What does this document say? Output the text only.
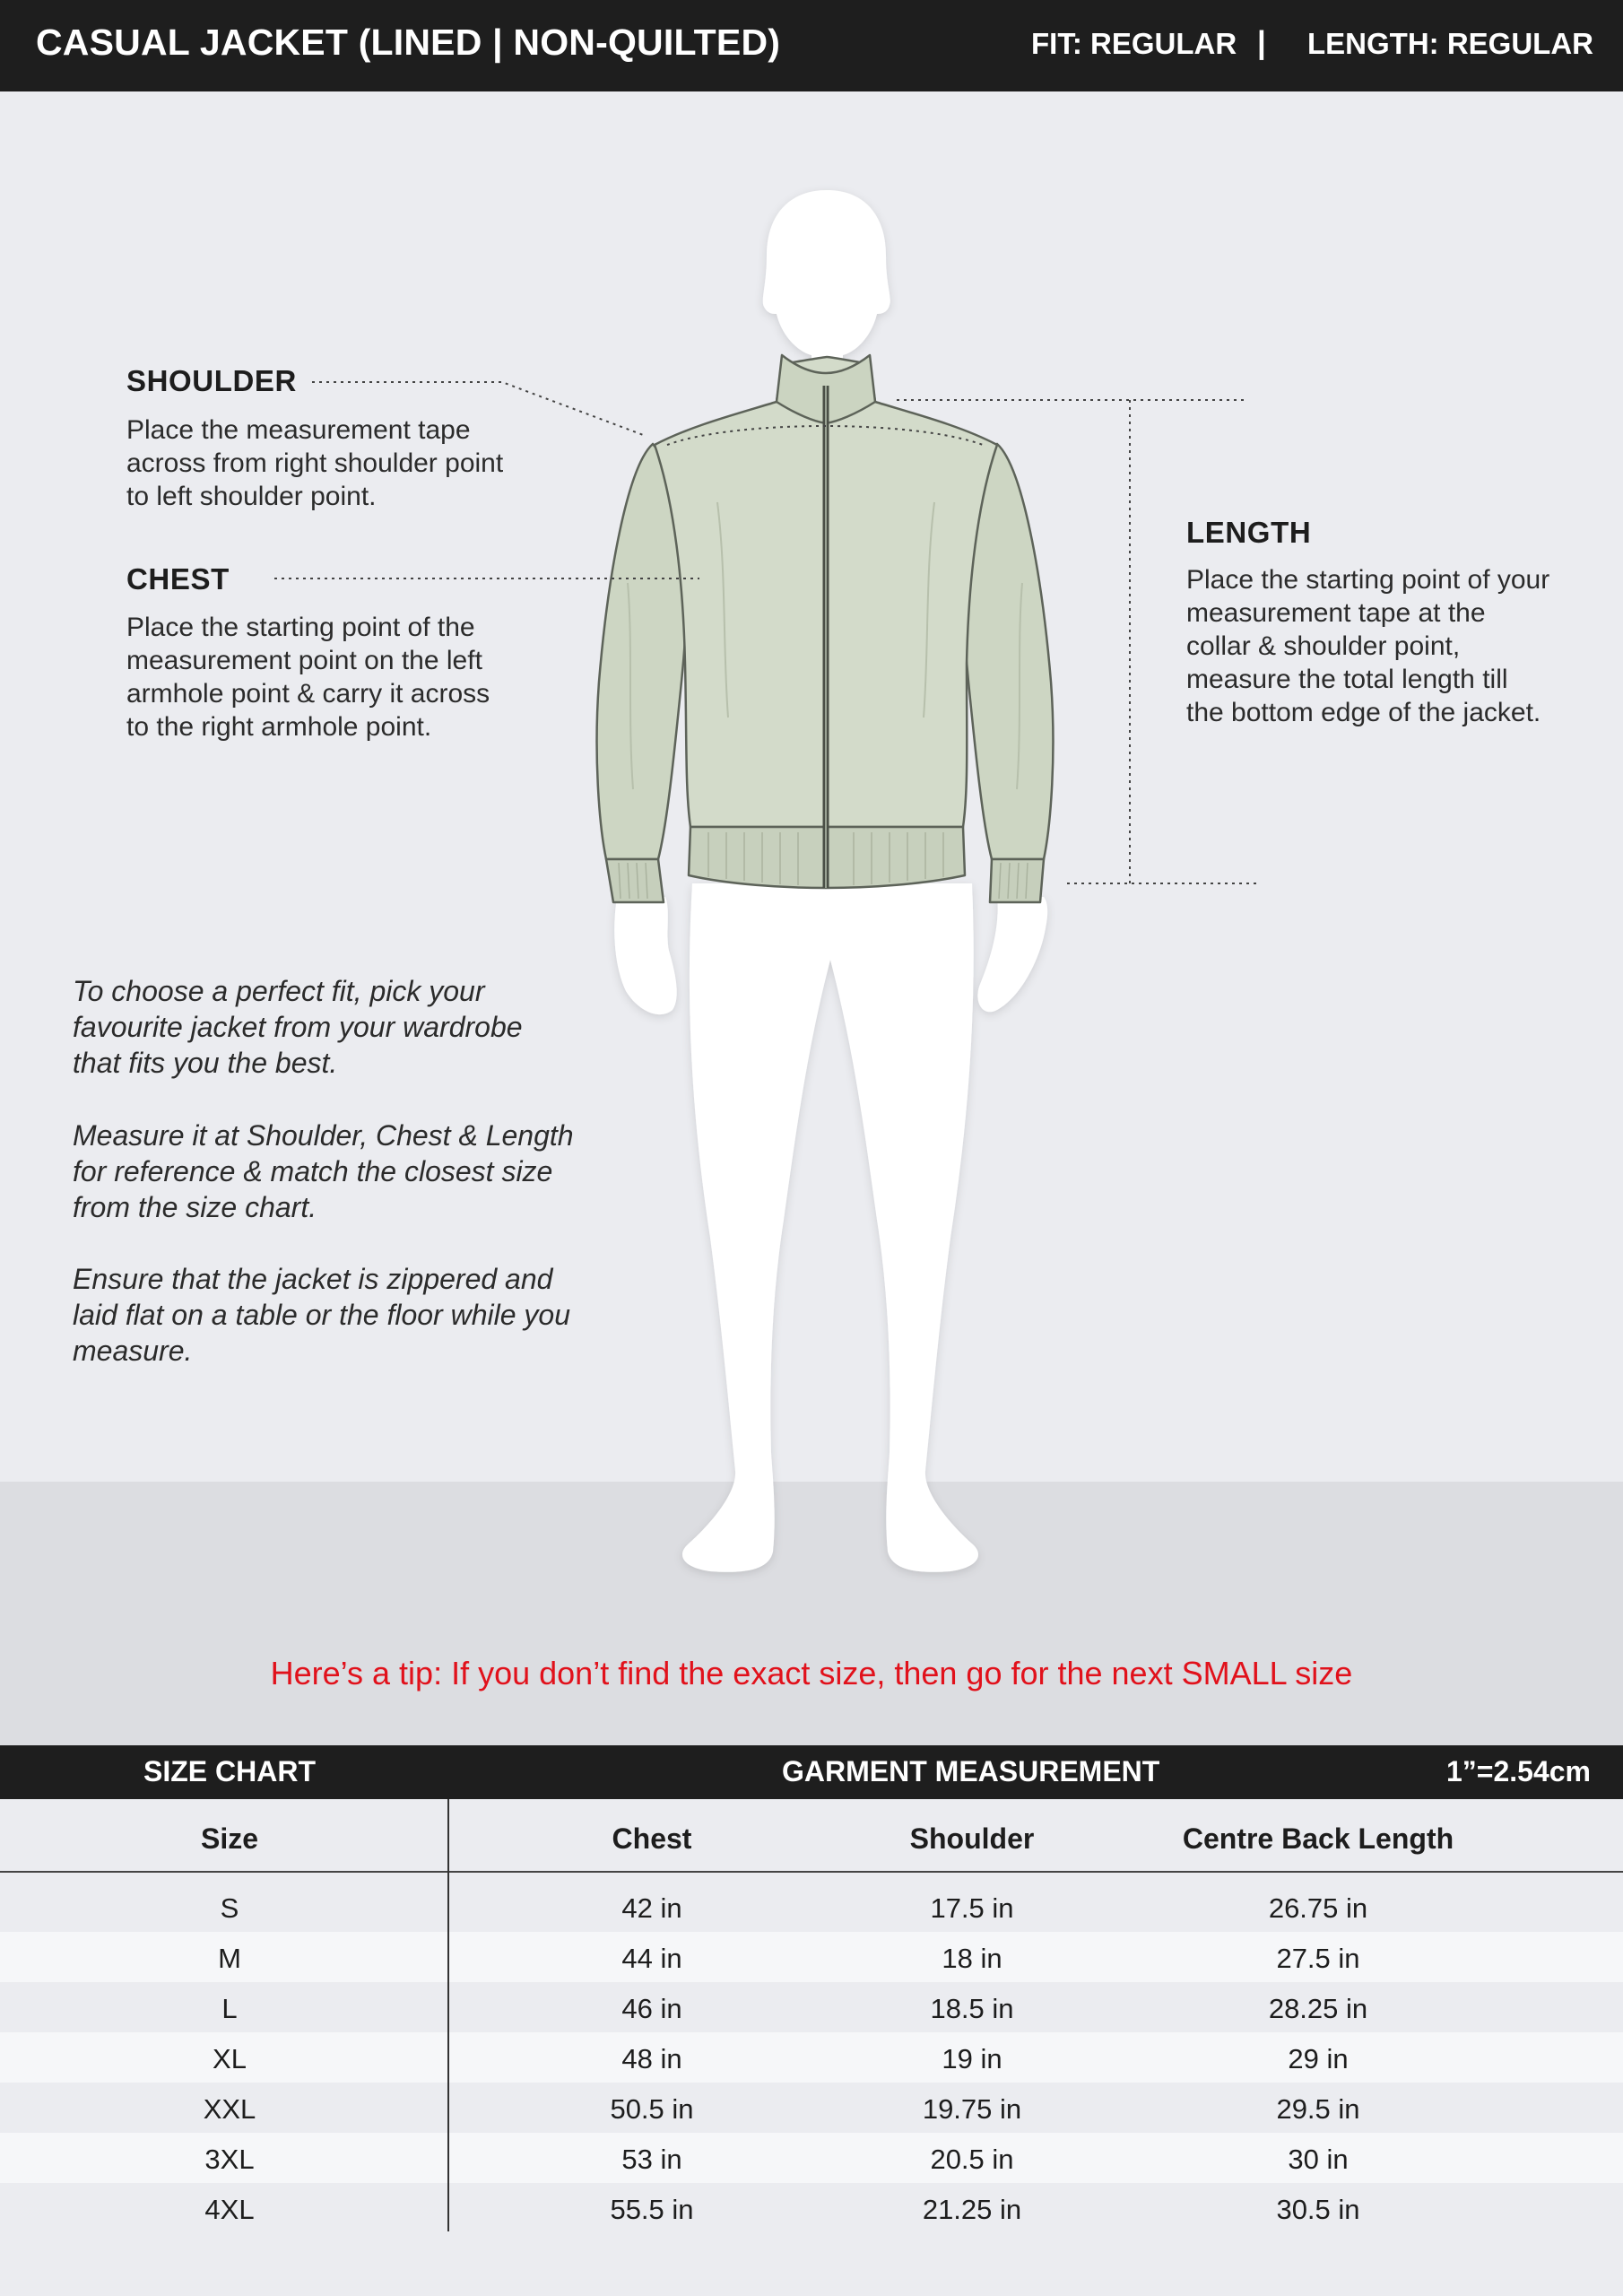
CASUAL JACKET (LINED | NON-QUILTED)	FIT: REGULAR | LENGTH: REGULAR
SHOULDER
Place the measurement tape
across from right shoulder point
to left shoulder point.
CHEST
Place the starting point of the
measurement point on the left
armhole point & carry it across
to the right armhole point.
LENGTH
Place the starting point of your
measurement tape at the
collar & shoulder point,
measure the total length till
the bottom edge of the jacket.
To choose a perfect fit, pick your
favourite jacket from your wardrobe
that fits you the best.
Measure it at Shoulder, Chest & Length
for reference & match the closest size
from the size chart.
Ensure that the jacket is zippered and
laid flat on a table or the floor while you
measure.
Here’s a tip: If you don’t find the exact size, then go for the next SMALL size
SIZE CHART	GARMENT MEASUREMENT	1”=2.54cm
Size	Chest	Shoulder	Centre Back Length
S	42 in	17.5 in	26.75 in
M	44 in	18 in	27.5 in
L	46 in	18.5 in	28.25 in
XL	48 in	19 in	29 in
XXL	50.5 in	19.75 in	29.5 in
3XL	53 in	20.5 in	30 in
4XL	55.5 in	21.25 in	30.5 in
